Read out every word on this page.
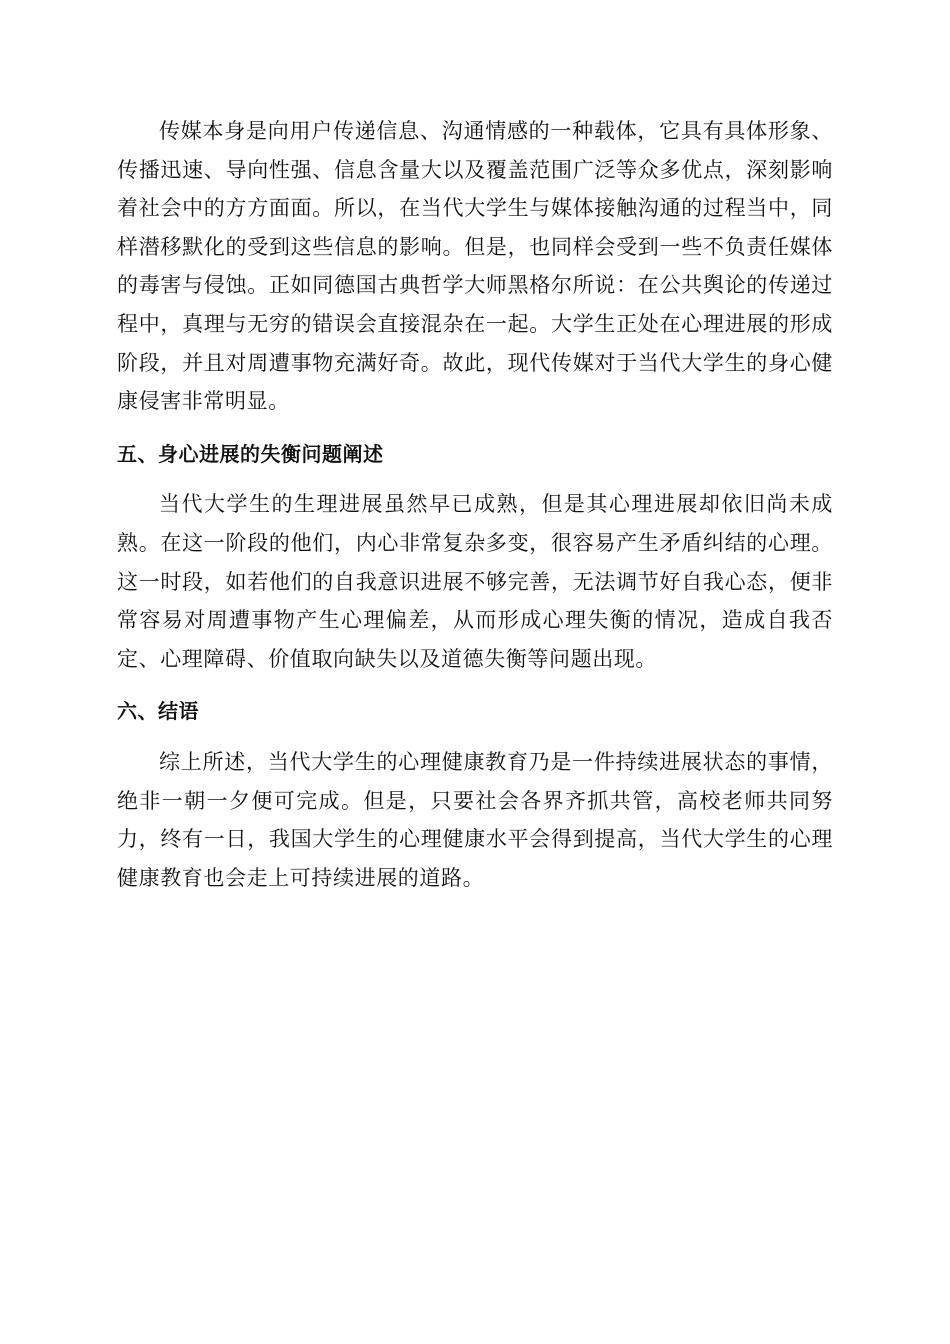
传媒本身是向用户传递信息、沟通情感的一种载体，它具有具体形象、传播迅速、导向性强、信息含量大以及覆盖范围广泛等众多优点，深刻影响着社会中的方方面面。所以，在当代大学生与媒体接触沟通的过程当中，同样潜移默化的受到这些信息的影响。但是，也同样会受到一些不负责任媒体的毒害与侵蚀。正如同德国古典哲学大师黑格尔所说：在公共舆论的传递过程中，真理与无穷的错误会直接混杂在一起。大学生正处在心理进展的形成阶段，并且对周遭事物充满好奇。故此，现代传媒对于当代大学生的身心健康侵害非常明显。

五、身心进展的失衡问题阐述

当代大学生的生理进展虽然早已成熟，但是其心理进展却依旧尚未成熟。在这一阶段的他们，内心非常复杂多变，很容易产生矛盾纠结的心理。这一时段，如若他们的自我意识进展不够完善，无法调节好自我心态，便非常容易对周遭事物产生心理偏差，从而形成心理失衡的情况，造成自我否定、心理障碍、价值取向缺失以及道德失衡等问题出现。

六、结语

综上所述，当代大学生的心理健康教育乃是一件持续进展状态的事情，绝非一朝一夕便可完成。但是，只要社会各界齐抓共管，高校老师共同努力，终有一日，我国大学生的心理健康水平会得到提高，当代大学生的心理健康教育也会走上可持续进展的道路。
